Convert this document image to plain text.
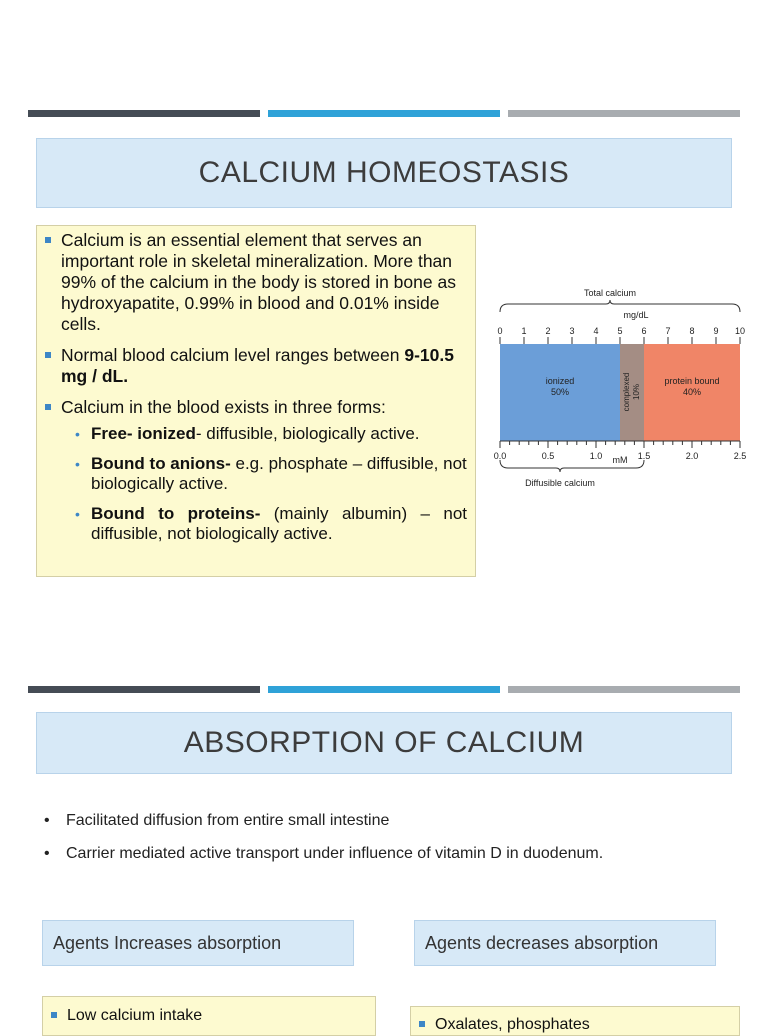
CALCIUM HOMEOSTASIS
Calcium is an essential element that serves an important role in skeletal mineralization. More than 99% of the calcium in the body is stored in bone as hydroxyapatite, 0.99% in blood and 0.01% inside cells.
Normal blood calcium level ranges between 9-10.5 mg / dL.
Calcium in the blood exists in three forms:
• Free- ionized- diffusible, biologically active.
• Bound to anions- e.g. phosphate – diffusible, not biologically active.
• Bound to proteins- (mainly albumin) – not diffusible, not biologically active.
Total calcium
mg/dL
0 1 2 3 4 5 6 7 8 9 10
ionized
50%	complexed 10%
protein bound
40%
0.0	0.5	1.0	1.5	2.0	2.5
mM
Diffusible calcium
ABSORPTION OF CALCIUM
• Facilitated diffusion from entire small intestine
• Carrier mediated active transport under influence of vitamin D in duodenum.
Agents Increases absorption	Agents decreases absorption
Low calcium intake
Oxalates, phosphates
